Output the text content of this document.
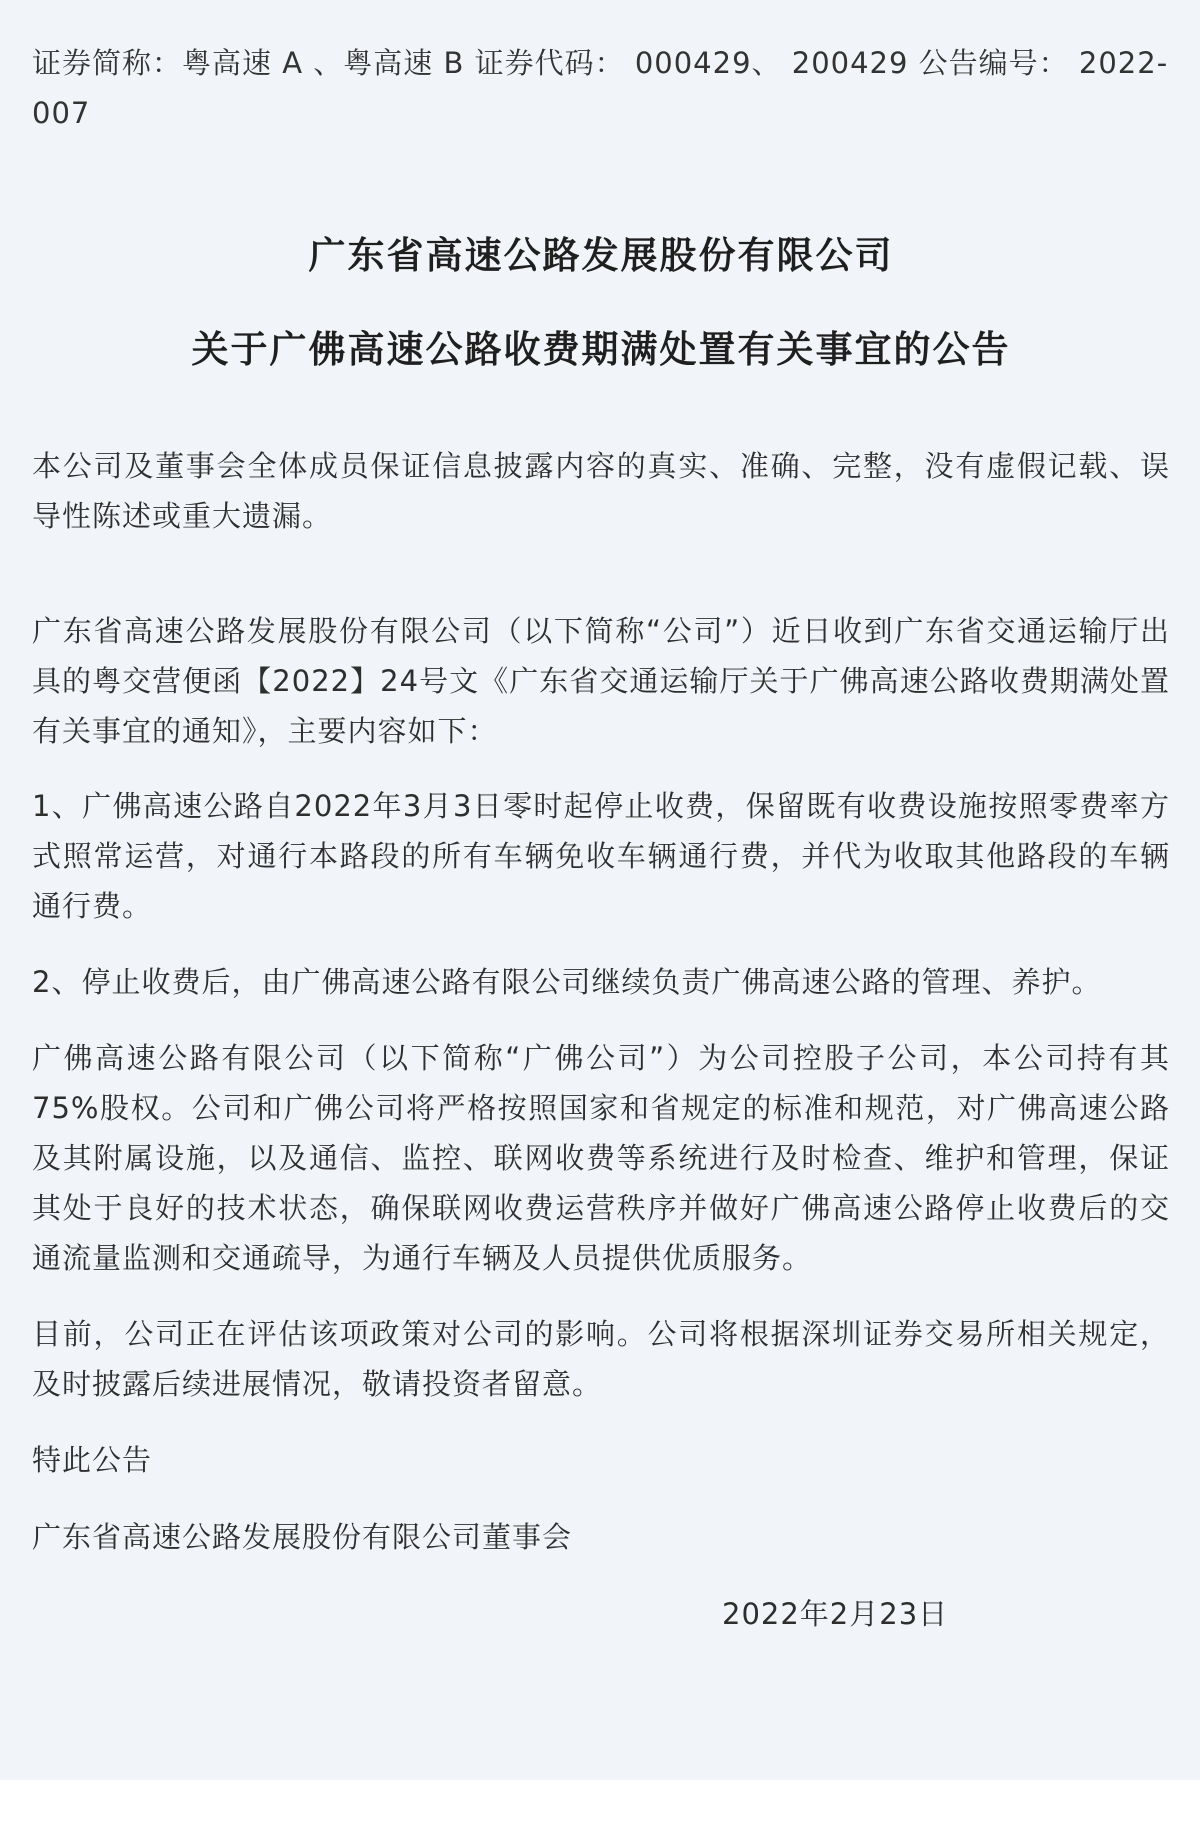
证券简称：粤高速 A 、粤高速 B 证券代码： 000429、 200429 公告编号： 2022-007

广东省高速公路发展股份有限公司
关于广佛高速公路收费期满处置有关事宜的公告

本公司及董事会全体成员保证信息披露内容的真实、准确、完整，没有虚假记载、误导性陈述或重大遗漏。

广东省高速公路发展股份有限公司（以下简称“公司”）近日收到广东省交通运输厅出具的粤交营便函【2022】24号文《广东省交通运输厅关于广佛高速公路收费期满处置有关事宜的通知》，主要内容如下：

1、广佛高速公路自2022年3月3日零时起停止收费，保留既有收费设施按照零费率方式照常运营，对通行本路段的所有车辆免收车辆通行费，并代为收取其他路段的车辆通行费。

2、停止收费后，由广佛高速公路有限公司继续负责广佛高速公路的管理、养护。

广佛高速公路有限公司（以下简称“广佛公司”）为公司控股子公司，本公司持有其75%股权。公司和广佛公司将严格按照国家和省规定的标准和规范，对广佛高速公路及其附属设施，以及通信、监控、联网收费等系统进行及时检查、维护和管理，保证其处于良好的技术状态，确保联网收费运营秩序并做好广佛高速公路停止收费后的交通流量监测和交通疏导，为通行车辆及人员提供优质服务。

目前，公司正在评估该项政策对公司的影响。公司将根据深圳证券交易所相关规定，及时披露后续进展情况，敬请投资者留意。

特此公告

广东省高速公路发展股份有限公司董事会

2022年2月23日
